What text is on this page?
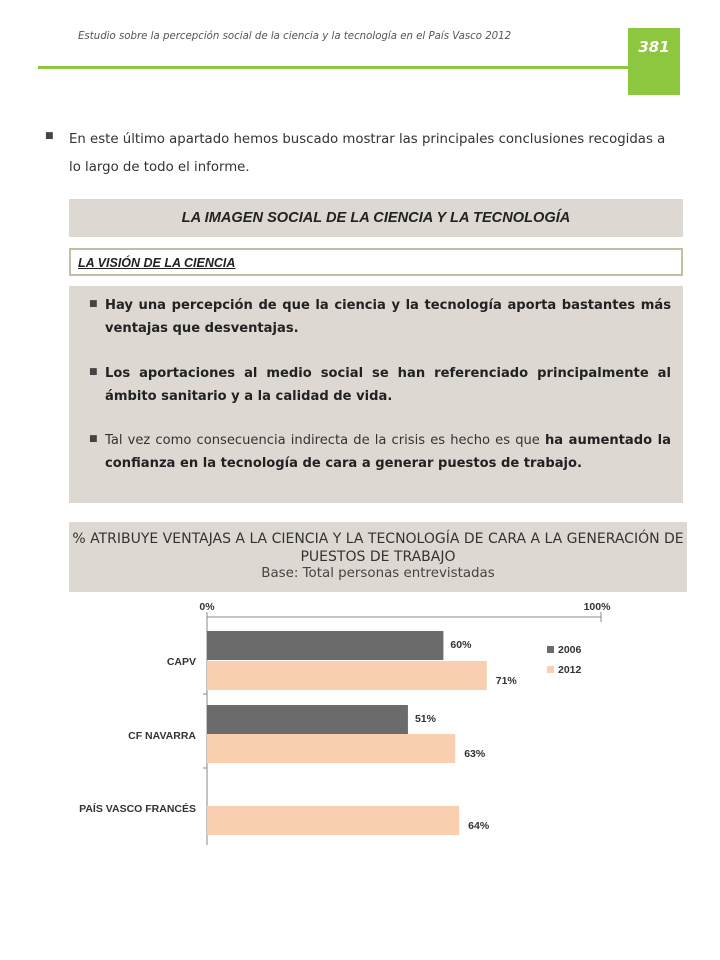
Estudio sobre la percepción social de la ciencia y la tecnología en el País Vasco 2012
381
■ En este último apartado hemos buscado mostrar las principales conclusiones recogidas a lo largo de todo el informe.
LA IMAGEN SOCIAL DE LA CIENCIA Y LA TECNOLOGÍA
LA VISIÓN DE LA CIENCIA
■ Hay una percepción de que la ciencia y la tecnología aporta bastantes más ventajas que desventajas.
■ Los aportaciones al medio social se han referenciado principalmente al ámbito sanitario y a la calidad de vida.
■ Tal vez como consecuencia indirecta de la crisis es hecho es que ha aumentado la confianza en la tecnología de cara a generar puestos de trabajo.
% ATRIBUYE VENTAJAS A LA CIENCIA Y LA TECNOLOGÍA DE CARA A LA GENERACIÓN DE PUESTOS DE TRABAJO
Base: Total personas entrevistadas
0%	100%
60%
71%
CAPV
51%
63%
CF NAVARRA
64%
PAÍS VASCO FRANCÉS
2006
2012
